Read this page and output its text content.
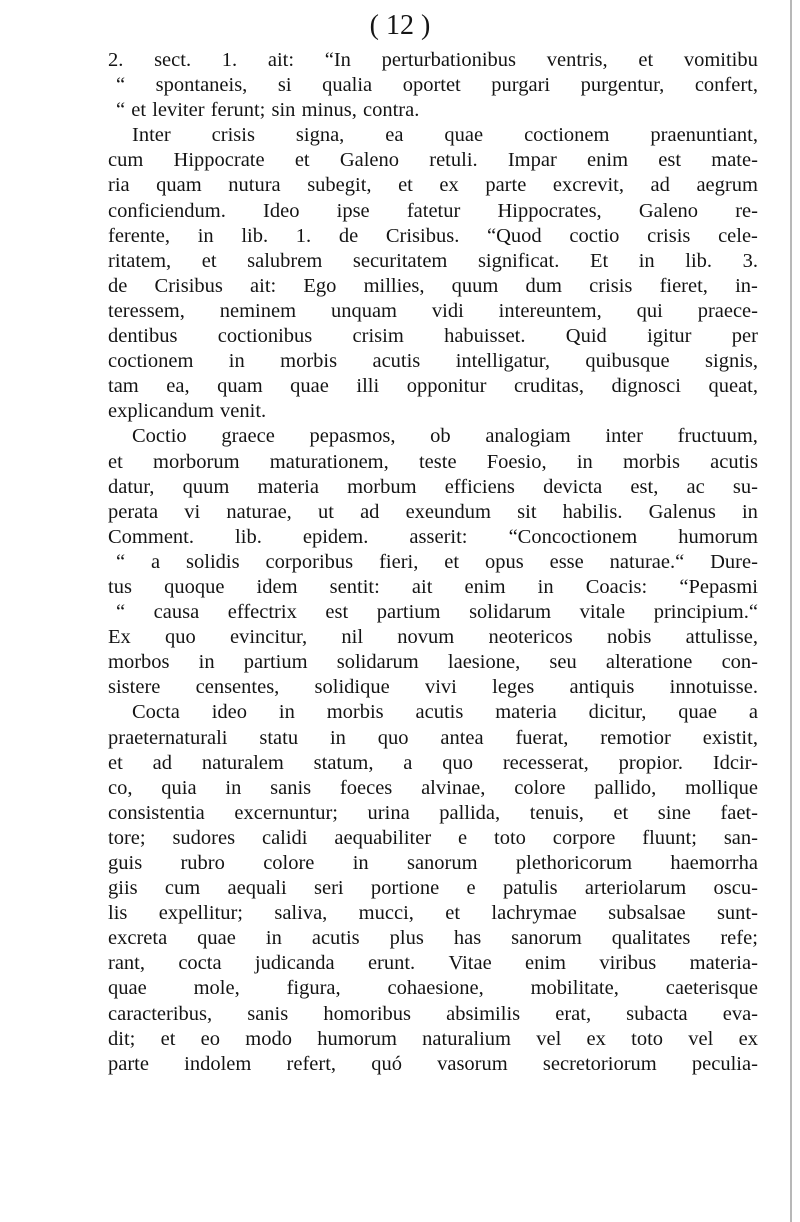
( 12 )
2. sect. 1. ait: “In perturbationibus ventris, et vomitibu
“ spontaneis, si qualia oportet purgari purgentur, confert,
“ et leviter ferunt; sin minus, contra.
Inter crisis signa, ea quae coctionem praenuntiant,
cum Hippocrate et Galeno retuli. Impar enim est mate-
ria quam nutura subegit, et ex parte excrevit, ad aegrum
conficiendum. Ideo ipse fatetur Hippocrates, Galeno re-
ferente, in lib. 1. de Crisibus. “Quod coctio crisis cele-
ritatem, et salubrem securitatem significat. Et in lib. 3.
de Crisibus ait: Ego millies, quum dum crisis fieret, in-
teressem, neminem unquam vidi intereuntem, qui praece-
dentibus coctionibus crisim habuisset. Quid igitur per
coctionem in morbis acutis intelligatur, quibusque signis,
tam ea, quam quae illi opponitur cruditas, dignosci queat,
explicandum venit.
Coctio graece pepasmos, ob analogiam inter fructuum,
et morborum maturationem, teste Foesio, in morbis acutis
datur, quum materia morbum efficiens devicta est, ac su-
perata vi naturae, ut ad exeundum sit habilis. Galenus in
Comment. lib. epidem. asserit: “Concoctionem humorum
“ a solidis corporibus fieri, et opus esse naturae.“ Dure-
tus quoque idem sentit: ait enim in Coacis: “Pepasmi
“ causa effectrix est partium solidarum vitale principium.“
Ex quo evincitur, nil novum neotericos nobis attulisse,
morbos in partium solidarum laesione, seu alteratione con-
sistere censentes, solidique vivi leges antiquis innotuisse.
Cocta ideo in morbis acutis materia dicitur, quae a
praeternaturali statu in quo antea fuerat, remotior existit,
et ad naturalem statum, a quo recesserat, propior. Idcir-
co, quia in sanis foeces alvinae, colore pallido, mollique
consistentia excernuntur; urina pallida, tenuis, et sine faet-
tore; sudores calidi aequabiliter e toto corpore fluunt; san-
guis rubro colore in sanorum plethoricorum haemorrha
giis cum aequali seri portione e patulis arteriolarum oscu-
lis expellitur; saliva, mucci, et lachrymae subsalsae sunt-
excreta quae in acutis plus has sanorum qualitates refe;
rant, cocta judicanda erunt. Vitae enim viribus materia-
quae mole, figura, cohaesione, mobilitate, caeterisque
caracteribus, sanis homoribus absimilis erat, subacta eva-
dit; et eo modo humorum naturalium vel ex toto vel ex
parte indolem refert, quó vasorum secretoriorum peculia-
